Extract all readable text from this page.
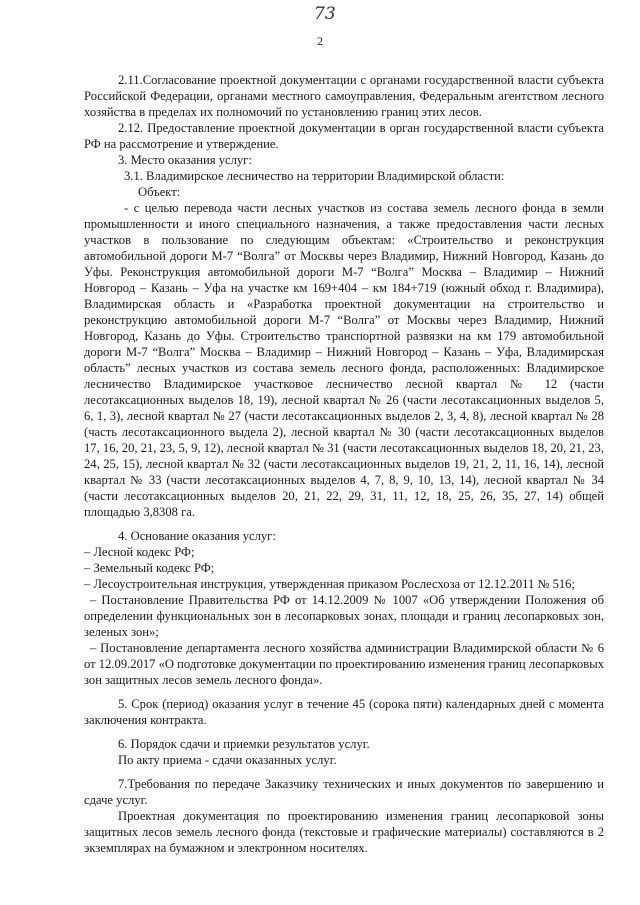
73
2

2.11.Согласование проектной документации с органами государственной власти субъекта Российской Федерации, органами местного самоуправления, Федеральным агентством лесного хозяйства в пределах их полномочий по установлению границ этих лесов.

2.12. Предоставление проектной документации в орган государственной власти субъекта РФ на рассмотрение и утверждение.

3. Место оказания услуг:

3.1. Владимирское лесничество на территории Владимирской области:

Объект:

- с целью перевода части лесных участков из состава земель лесного фонда в земли промышленности и иного специального назначения, а также предоставления части лесных участков в пользование по следующим объектам: «Строительство и реконструкция автомобильной дороги М-7 “Волга” от Москвы через Владимир, Нижний Новгород, Казань до Уфы. Реконструкция автомобильной дороги М-7 “Волга” Москва – Владимир – Нижний Новгород – Казань – Уфа на участке км 169+404 – км 184+719 (южный обход г. Владимира), Владимирская область и «Разработка проектной документации на строительство и реконструкцию автомобильной дороги М-7 “Волга” от Москвы через Владимир, Нижний Новгород, Казань до Уфы. Строительство транспортной развязки на км 179 автомобильной дороги М-7 “Волга” Москва – Владимир – Нижний Новгород – Казань – Уфа, Владимирская область” лесных участков из состава земель лесного фонда, расположенных: Владимирское лесничество Владимирское участковое лесничество лесной квартал № 12 (части лесотаксационных выделов 18, 19), лесной квартал № 26 (части лесотаксационных выделов 5, 6, 1, 3), лесной квартал № 27 (части лесотаксационных выделов 2, 3, 4, 8), лесной квартал № 28 (часть лесотаксационного выдела 2), лесной квартал № 30 (части лесотаксационных выделов 17, 16, 20, 21, 23, 5, 9, 12), лесной квартал № 31 (части лесотаксационных выделов 18, 20, 21, 23, 24, 25, 15), лесной квартал № 32 (части лесотаксационных выделов 19, 21, 2, 11, 16, 14), лесной квартал № 33 (части лесотаксационных выделов 4, 7, 8, 9, 10, 13, 14), лесной квартал № 34 (части лесотаксационных выделов 20, 21, 22, 29, 31, 11, 12, 18, 25, 26, 35, 27, 14) общей площадью 3,8308 га.

4. Основание оказания услуг:

– Лесной кодекс РФ;

– Земельный кодекс РФ;

– Лесоустроительная инструкция, утвержденная приказом Рослесхоза от 12.12.2011 № 516;

– Постановление Правительства РФ от 14.12.2009 № 1007 «Об утверждении Положения об определении функциональных зон в лесопарковых зонах, площади и границ лесопарковых зон, зеленых зон»;

– Постановление департамента лесного хозяйства администрации Владимирской области № 6 от 12.09.2017 «О подготовке документации по проектированию изменения границ лесопарковых зон защитных лесов земель лесного фонда».

5. Срок (период) оказания услуг в течение 45 (сорока пяти) календарных дней с момента заключения контракта.

6. Порядок сдачи и приемки результатов услуг.

По акту приема - сдачи оказанных услуг.

7.Требования по передаче Заказчику технических и иных документов по завершению и сдаче услуг.

Проектная документация по проектированию изменения границ лесопарковой зоны защитных лесов земель лесного фонда (текстовые и графические материалы) составляются в 2 экземплярах на бумажном и электронном носителях.
